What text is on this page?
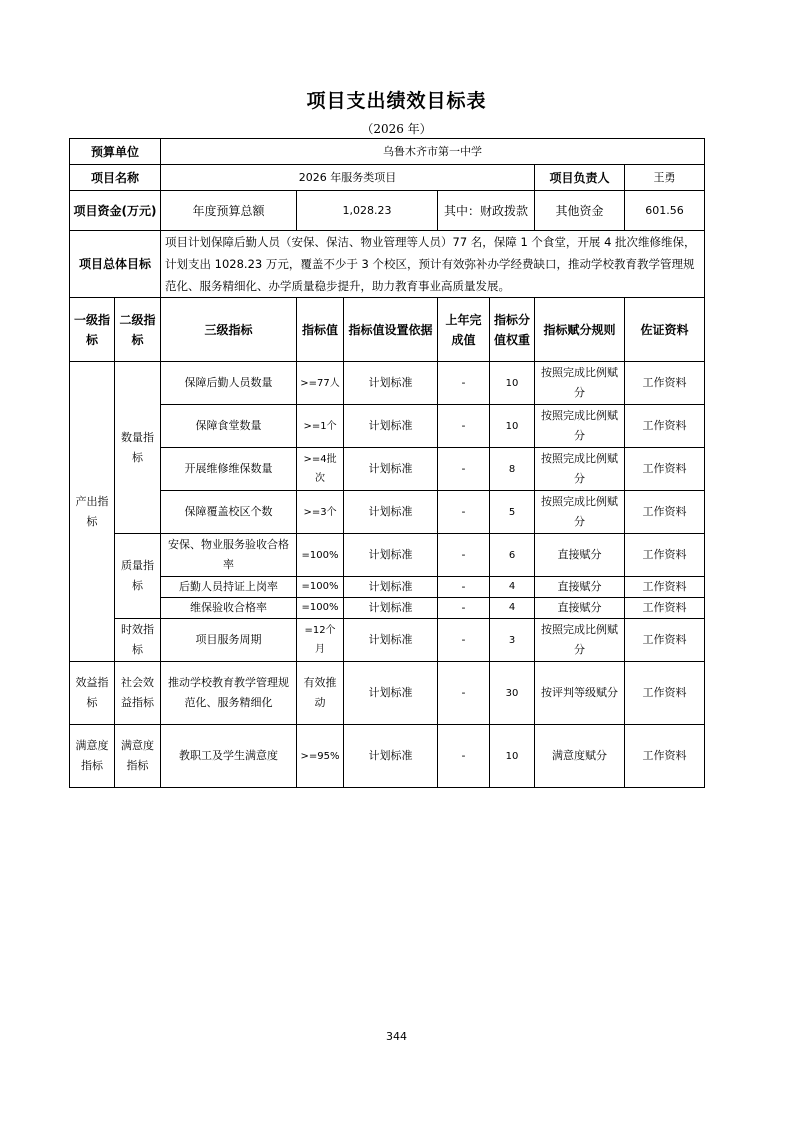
项目支出绩效目标表
（2026 年）
预算单位		乌鲁木齐市第一中学						
项目名称		2026 年服务类项目					项目负责人	王勇
项目资金(万元)		年度预算总额	1,028.23		其中：财政拨款		其他资金	601.56
项目总体目标		项目计划保障后勤人员（安保、保洁、物业管理等人员）77 名，保障 1 个食堂，开展 4 批次维修维保，计划支出 1028.23 万元，覆盖不少于 3 个校区，预计有效弥补办学经费缺口，推动学校教育教学管理规范化、服务精细化、办学质量稳步提升，助力教育事业高质量发展。						
一级指标	二级指标	三级指标	指标值	指标值设置依据	上年完成值	指标分值权重	指标赋分规则	佐证资料
产出指标	数量指标	保障后勤人员数量	>=77人	计划标准	-	10	按照完成比例赋分	工作资料
		保障食堂数量	>=1个	计划标准	-	10	按照完成比例赋分	工作资料
		开展维修维保数量	>=4批次	计划标准	-	8	按照完成比例赋分	工作资料
		保障覆盖校区个数	>=3个	计划标准	-	5	按照完成比例赋分	工作资料
	质量指标	安保、物业服务验收合格率	=100%	计划标准	-	6	直接赋分	工作资料
		后勤人员持证上岗率	=100%	计划标准	-	4	直接赋分	工作资料
		维保验收合格率	=100%	计划标准	-	4	直接赋分	工作资料
	时效指标	项目服务周期	=12个月	计划标准	-	3	按照完成比例赋分	工作资料
效益指标	社会效益指标	推动学校教育教学管理规范化、服务精细化	有效推动	计划标准	-	30	按评判等级赋分	工作资料
满意度指标	满意度指标	教职工及学生满意度	>=95%	计划标准	-	10	满意度赋分	工作资料
344
